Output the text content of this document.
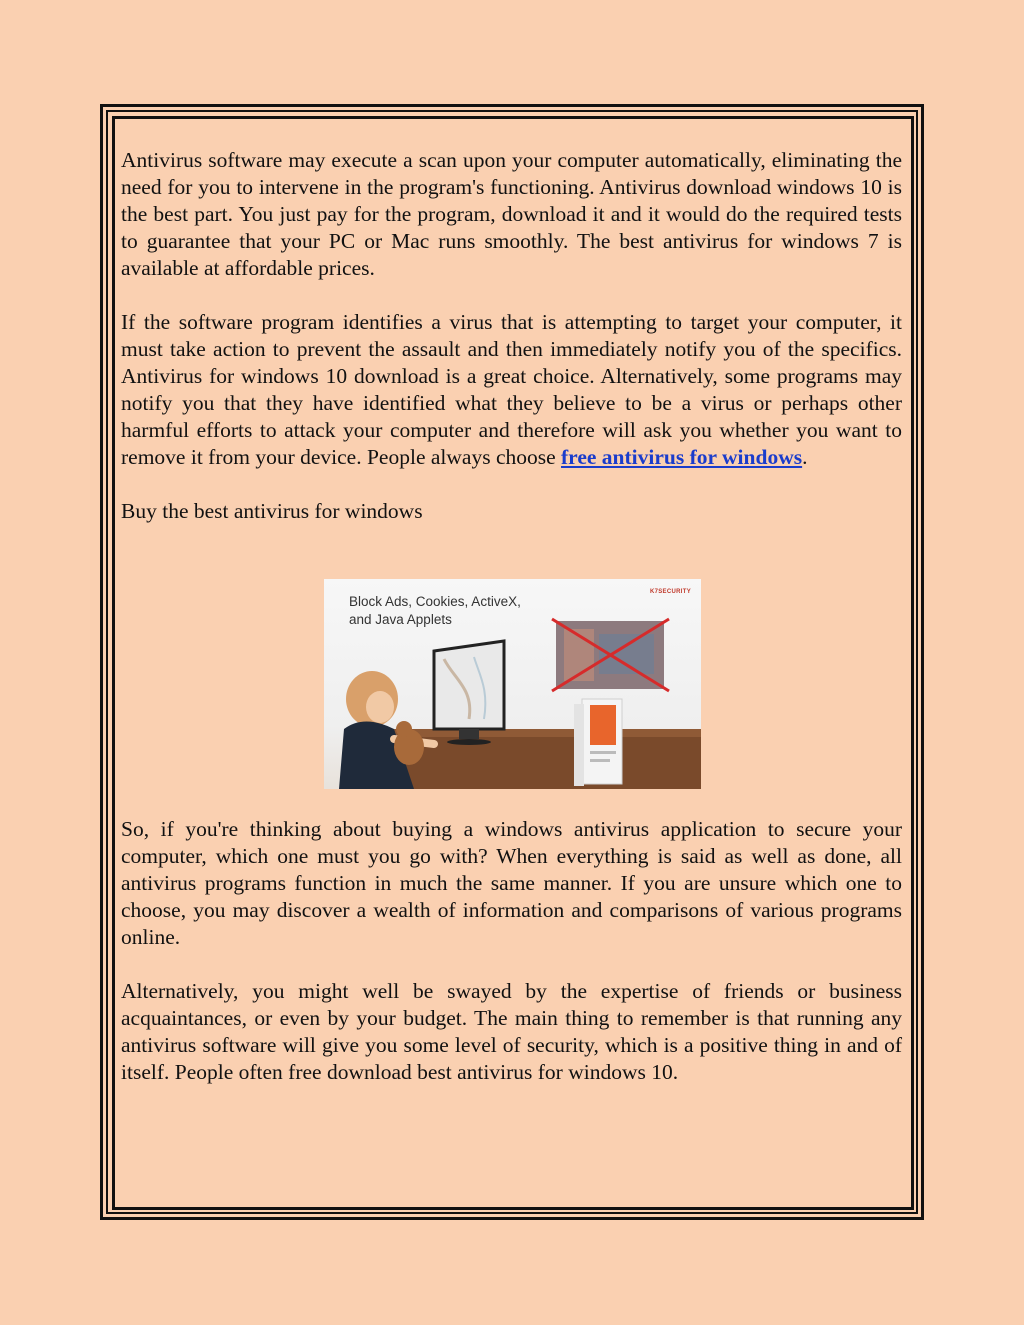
Antivirus software may execute a scan upon your computer automatically, eliminating the need for you to intervene in the program's functioning. Antivirus download windows 10 is the best part. You just pay for the program, download it and it would do the required tests to guarantee that your PC or Mac runs smoothly. The best antivirus for windows 7 is available at affordable prices.

If the software program identifies a virus that is attempting to target your computer, it must take action to prevent the assault and then immediately notify you of the specifics. Antivirus for windows 10 download is a great choice. Alternatively, some programs may notify you that they have identified what they believe to be a virus or perhaps other harmful efforts to attack your computer and therefore will ask you whether you want to remove it from your device. People always choose free antivirus for windows.

Buy the best antivirus for windows

Block Ads, Cookies, ActiveX,
and Java Applets
K7SECURITY

So, if you're thinking about buying a windows antivirus application to secure your computer, which one must you go with? When everything is said as well as done, all antivirus programs function in much the same manner. If you are unsure which one to choose, you may discover a wealth of information and comparisons of various programs online.

Alternatively, you might well be swayed by the expertise of friends or business acquaintances, or even by your budget. The main thing to remember is that running any antivirus software will give you some level of security, which is a positive thing in and of itself. People often free download best antivirus for windows 10.
